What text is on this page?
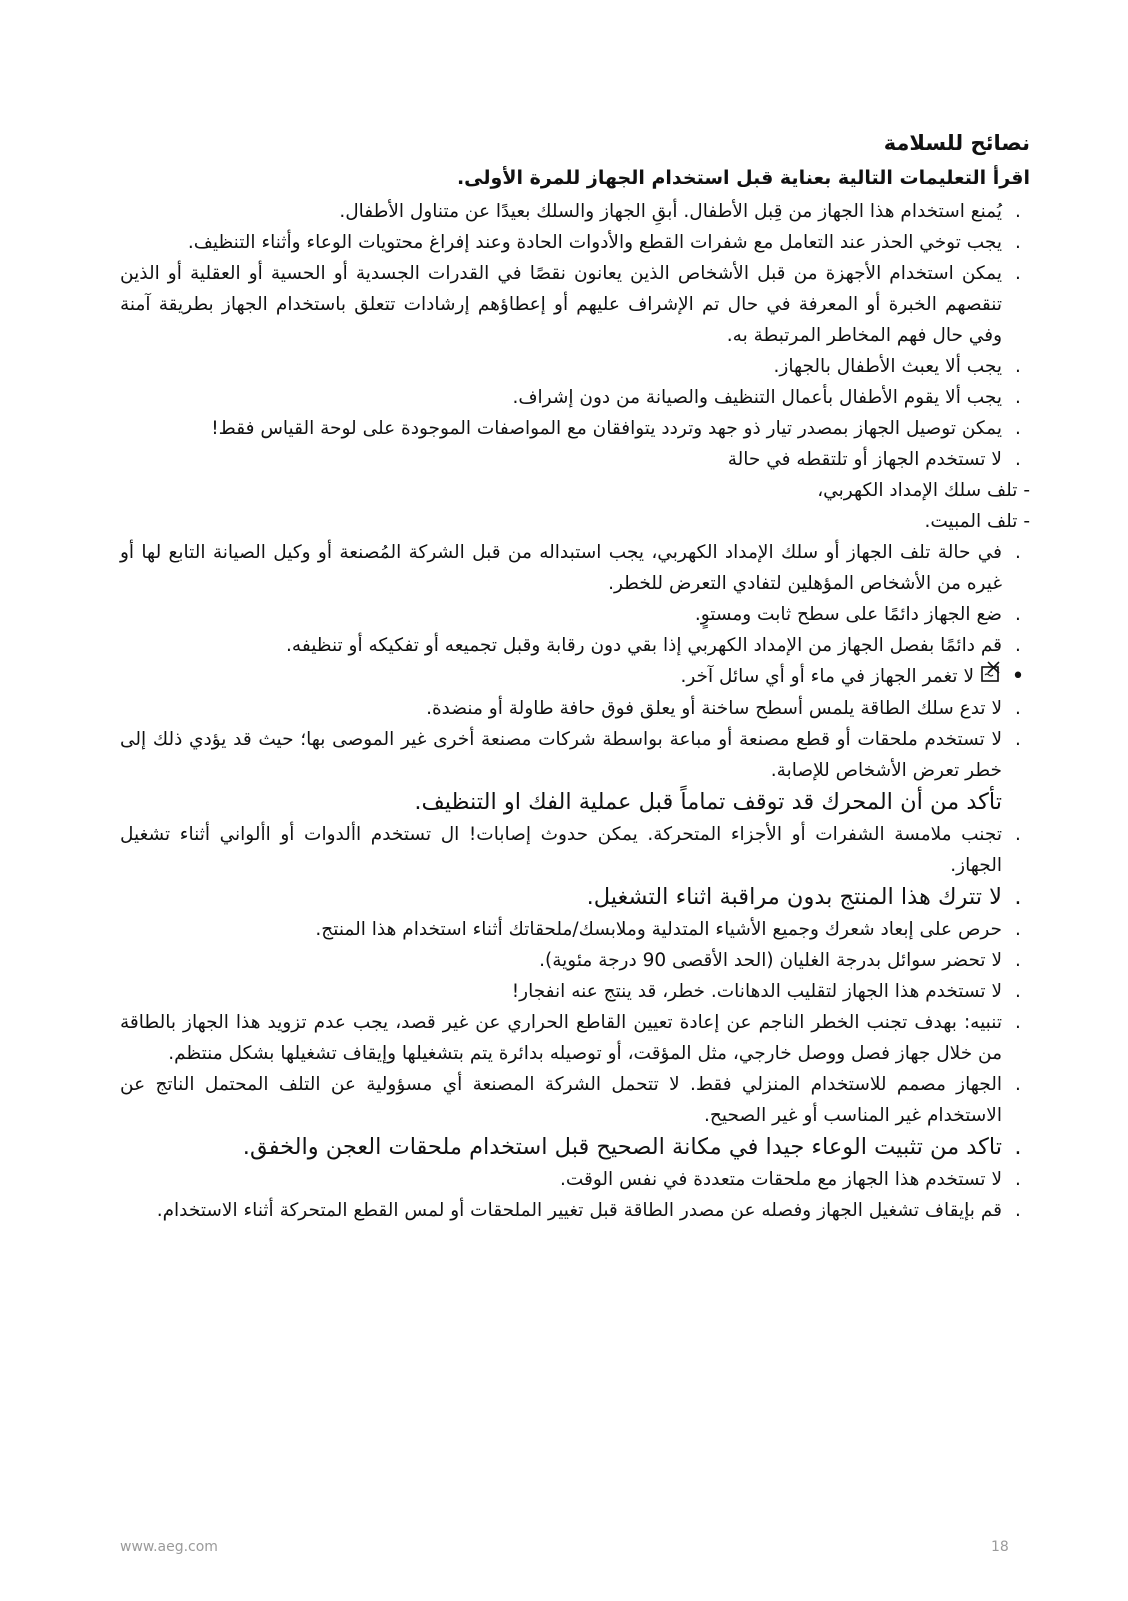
نصائح للسلامة
اقرأ التعليمات التالية بعناية قبل استخدام الجهاز للمرة الأولى.
.
يُمنع استخدام هذا الجهاز من قِبل الأطفال. أبقِ الجهاز والسلك بعيدًا عن متناول الأطفال.
.
يجب توخي الحذر عند التعامل مع شفرات القطع والأدوات الحادة وعند إفراغ محتويات الوعاء وأثناء التنظيف.
.
يمكن استخدام الأجهزة من قبل الأشخاص الذين يعانون نقصًا في القدرات الجسدية أو الحسية أو العقلية أو الذين تنقصهم الخبرة أو المعرفة في حال تم الإشراف عليهم أو إعطاؤهم إرشادات تتعلق باستخدام الجهاز بطريقة آمنة وفي حال فهم المخاطر المرتبطة به.
.
يجب ألا يعبث الأطفال بالجهاز.
.
يجب ألا يقوم الأطفال بأعمال التنظيف والصيانة من دون إشراف.
.
يمكن توصيل الجهاز بمصدر تيار ذو جهد وتردد يتوافقان مع المواصفات الموجودة على لوحة القياس فقط!
.
لا تستخدم الجهاز أو تلتقطه في حالة
- تلف سلك الإمداد الكهربي،
- تلف المبيت.
.
في حالة تلف الجهاز أو سلك الإمداد الكهربي، يجب استبداله من قبل الشركة المُصنعة أو وكيل الصيانة التابع لها أو غيره من الأشخاص المؤهلين لتفادي التعرض للخطر.
.
ضع الجهاز دائمًا على سطح ثابت ومستوٍ.
.
قم دائمًا بفصل الجهاز من الإمداد الكهربي إذا بقي دون رقابة وقبل تجميعه أو تفكيكه أو تنظيفه.
•
لا تغمر الجهاز في ماء أو أي سائل آخر.
.
لا تدع سلك الطاقة يلمس أسطح ساخنة أو يعلق فوق حافة طاولة أو منضدة.
.
لا تستخدم ملحقات أو قطع مصنعة أو مباعة بواسطة شركات مصنعة أخرى غير الموصى بها؛ حيث قد يؤدي ذلك إلى خطر تعرض الأشخاص للإصابة.
تأكد من أن المحرك قد توقف تماماً قبل عملية الفك او التنظيف.
.
تجنب ملامسة الشفرات أو الأجزاء المتحركة. يمكن حدوث إصابات! ال تستخدم األدوات أو األواني أثناء تشغيل الجهاز.
.
لا تترك هذا المنتج بدون مراقبة اثناء التشغيل.
.
حرص على إبعاد شعرك وجميع الأشياء المتدلية وملابسك/ملحقاتك أثناء استخدام هذا المنتج.
.
لا تحضر سوائل بدرجة الغليان (الحد الأقصى 90 درجة مئوية).
.
لا تستخدم هذا الجهاز لتقليب الدهانات. خطر، قد ينتج عنه انفجار!
.
تنبيه: بهدف تجنب الخطر الناجم عن إعادة تعيين القاطع الحراري عن غير قصد، يجب عدم تزويد هذا الجهاز بالطاقة من خلال جهاز فصل ووصل خارجي، مثل المؤقت، أو توصيله بدائرة يتم بتشغيلها وإيقاف تشغيلها بشكل منتظم.
.
الجهاز مصمم للاستخدام المنزلي فقط. لا تتحمل الشركة المصنعة أي مسؤولية عن التلف المحتمل الناتج عن الاستخدام غير المناسب أو غير الصحيح.
.
تاكد من تثبيت الوعاء جيدا في مكانة الصحيح قبل استخدام ملحقات العجن والخفق.
.
لا تستخدم هذا الجهاز مع ملحقات متعددة في نفس الوقت.
.
قم بإيقاف تشغيل الجهاز وفصله عن مصدر الطاقة قبل تغيير الملحقات أو لمس القطع المتحركة أثناء الاستخدام.
www.aeg.com	18
